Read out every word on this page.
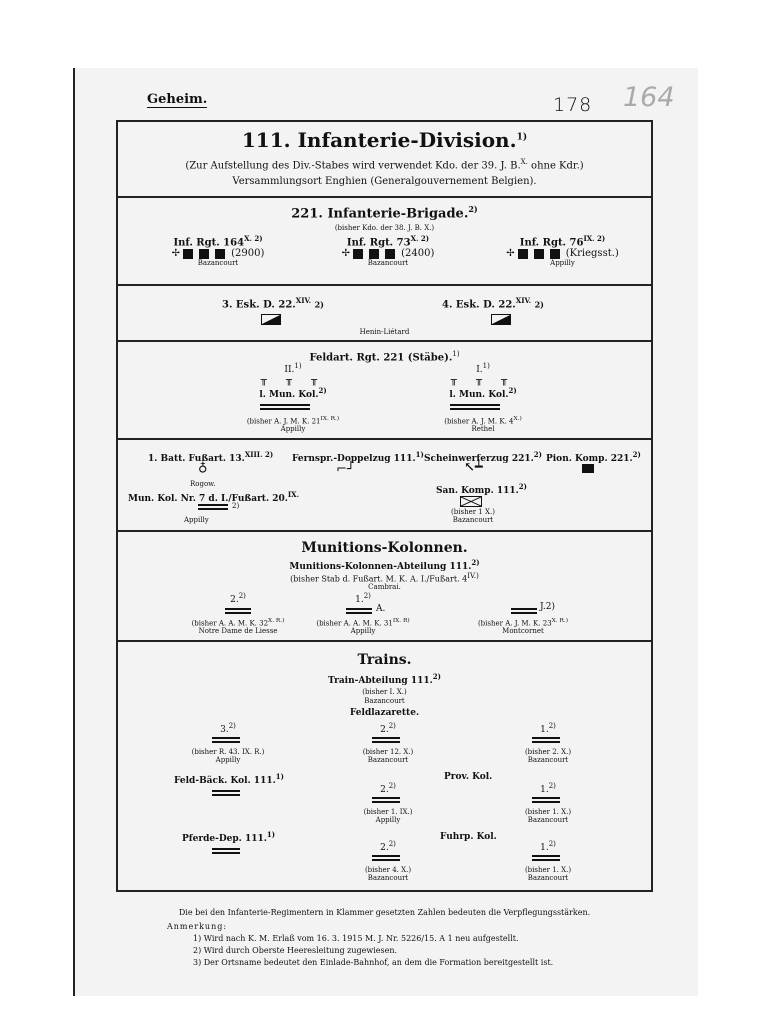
Geheim.	178 164
111. Infanterie-Division.$^{1)}$
(Zur Aufstellung des Div.-Stabes wird verwendet Kdo. der 39. J. B.$^{X.}$ ohne Kdr.)
Versammlungsort Enghien (Generalgouvernement Belgien).
221. Infanterie-Brigade.$^{2)}$
(bisher Kdo. der 38. J. B. X.)
Inf. Rgt. $164^{X. 2)}$
✢	(2900)
Bazancourt
Inf. Rgt. $73^{X. 2)}$
✢	(2400)
Bazancourt
Inf. Rgt. $76^{IX. 2)}$
✢	(Kriegsst.)
Appilly
3. Esk. D. 22.$^{XIV.}$ 2)	4. Esk. D. 22.$^{XIV.}$ 2)
Henin-Liétard
Feldart. Rgt. 221 (Stäbe).$^{1)}$
II.$^{1)}$
╥ ╥ ╥
l. Mun. Kol.$^{2)}$
(bisher A. J. M. K. $21^{IX. R.)}$
Appilly
I.$^{1)}$
╥ ╥ ╥
l. Mun. Kol.$^{2)}$
(bisher A. J. M. K. $4^{X.)}$
Rethel
1. Batt. Fußart. 13.$^{XIII. 2)}$
♁
Rogow.
Mun. Kol. Nr. 7 d. I./Fußart. 20.$^{IX.}$
2)
Appilly
Fernspr.-Doppelzug 111.$^{1)}$
⌐┘
Scheinwerferzug 221.$^{2)}$
↖┷
San. Komp. 111.$^{2)}$
(bisher 1 X.)
Bazancourt
Pion. Komp. 221.$^{2)}$
Munitions-Kolonnen.
Munitions-Kolonnen-Abteilung 111.$^{2)}$
(bisher Stab d. Fußart. M. K. A. I./Fußart. $4^{IV.)}$
Cambrai.
2.$^{2)}$
(bisher A. A. M. K. $32^{X. R.)}$
Notre Dame de Liesse
1.$^{2)}$
A.
(bisher A. A. M. K. $31^{IX. R)}$
Appilly
J.2)
(bisher A. J. M. K. $23^{X. R.)}$
Montcornet
Trains.
Train-Abteilung 111.$^{2)}$
(bisher I. X.)
Bazancourt
Feldlazarette.
3.$^{2)}$
(bisher R. 43. IX. R.)
Appilly
2.$^{2)}$
(bisher 12. X.)
Bazancourt
1.$^{2)}$
(bisher 2. X.)
Bazancourt
Feld-Bäck. Kol. 111.$^{1)}$	Prov. Kol.
2.$^{2)}$
(bisher 1. IX.)
Appilly
1.$^{2)}$
(bisher 1. X.)
Bazancourt
Pferde-Dep. 111.$^{1)}$	Fuhrp. Kol.
2.$^{2)}$
(bisher 4. X.)
Bazancourt
1.$^{2)}$
(bisher 1. X.)
Bazancourt
Die bei den Infanterie-Regimentern in Klammer gesetzten Zahlen bedeuten die Verpflegungsstärken.
Anmerkung:
1) Wird nach K. M. Erlaß vom 16. 3. 1915 M. J. Nr. 5226/15. A 1 neu aufgestellt.
2) Wird durch Oberste Heeresleitung zugewiesen.
3) Der Ortsname bedeutet den Einlade-Bahnhof, an dem die Formation bereitgestellt ist.
